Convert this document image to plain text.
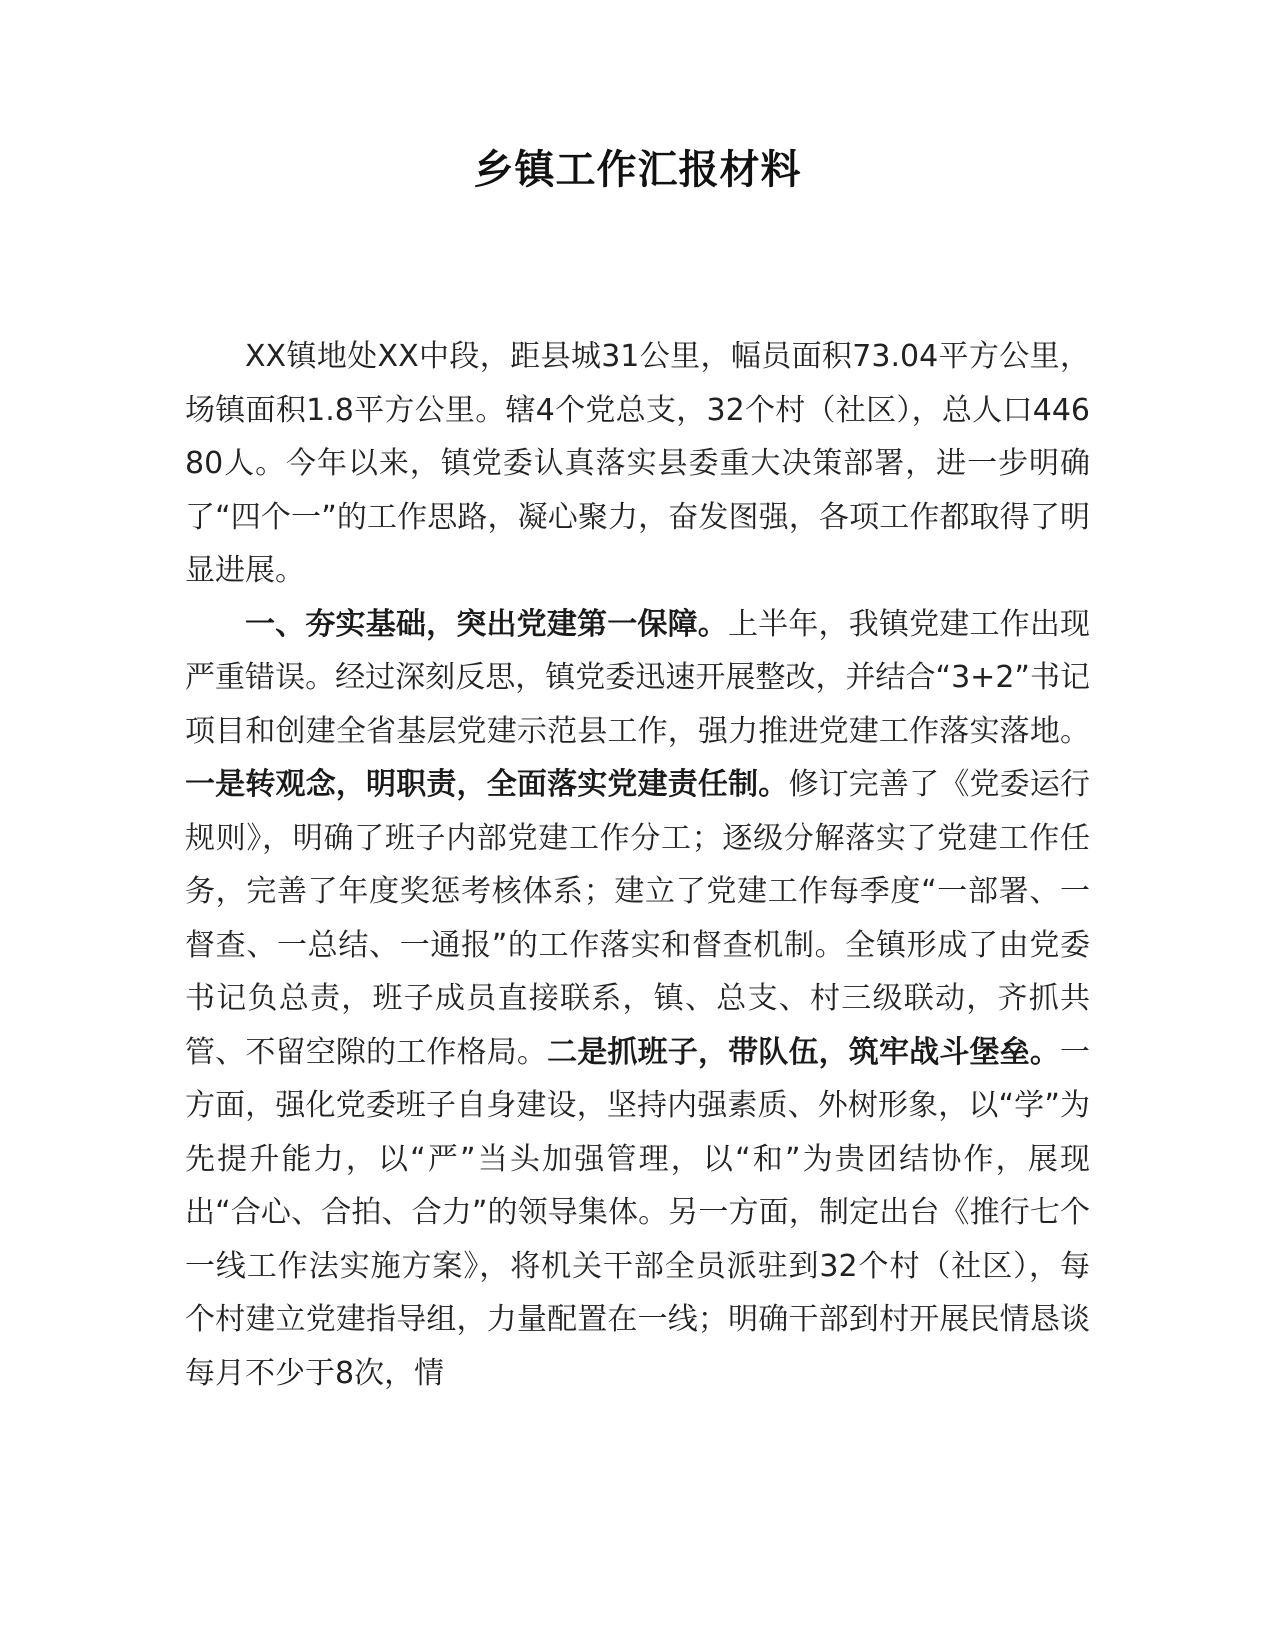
乡镇工作汇报材料

XX镇地处XX中段，距县城31公里，幅员面积73.04平方公里，场镇面积1.8平方公里。辖4个党总支，32个村（社区），总人口44680人。今年以来，镇党委认真落实县委重大决策部署，进一步明确了“四个一”的工作思路，凝心聚力，奋发图强，各项工作都取得了明显进展。

一、夯实基础，突出党建第一保障。上半年，我镇党建工作出现严重错误。经过深刻反思，镇党委迅速开展整改，并结合“3+2”书记项目和创建全省基层党建示范县工作，强力推进党建工作落实落地。一是转观念，明职责，全面落实党建责任制。修订完善了《党委运行规则》，明确了班子内部党建工作分工；逐级分解落实了党建工作任务，完善了年度奖惩考核体系；建立了党建工作每季度“一部署、一督查、一总结、一通报”的工作落实和督查机制。全镇形成了由党委书记负总责，班子成员直接联系，镇、总支、村三级联动，齐抓共管、不留空隙的工作格局。二是抓班子，带队伍，筑牢战斗堡垒。一方面，强化党委班子自身建设，坚持内强素质、外树形象，以“学”为先提升能力，以“严”当头加强管理，以“和”为贵团结协作，展现出“合心、合拍、合力”的领导集体。另一方面，制定出台《推行七个一线工作法实施方案》，将机关干部全员派驻到32个村（社区），每个村建立党建指导组，力量配置在一线；明确干部到村开展民情恳谈每月不少于8次，情
